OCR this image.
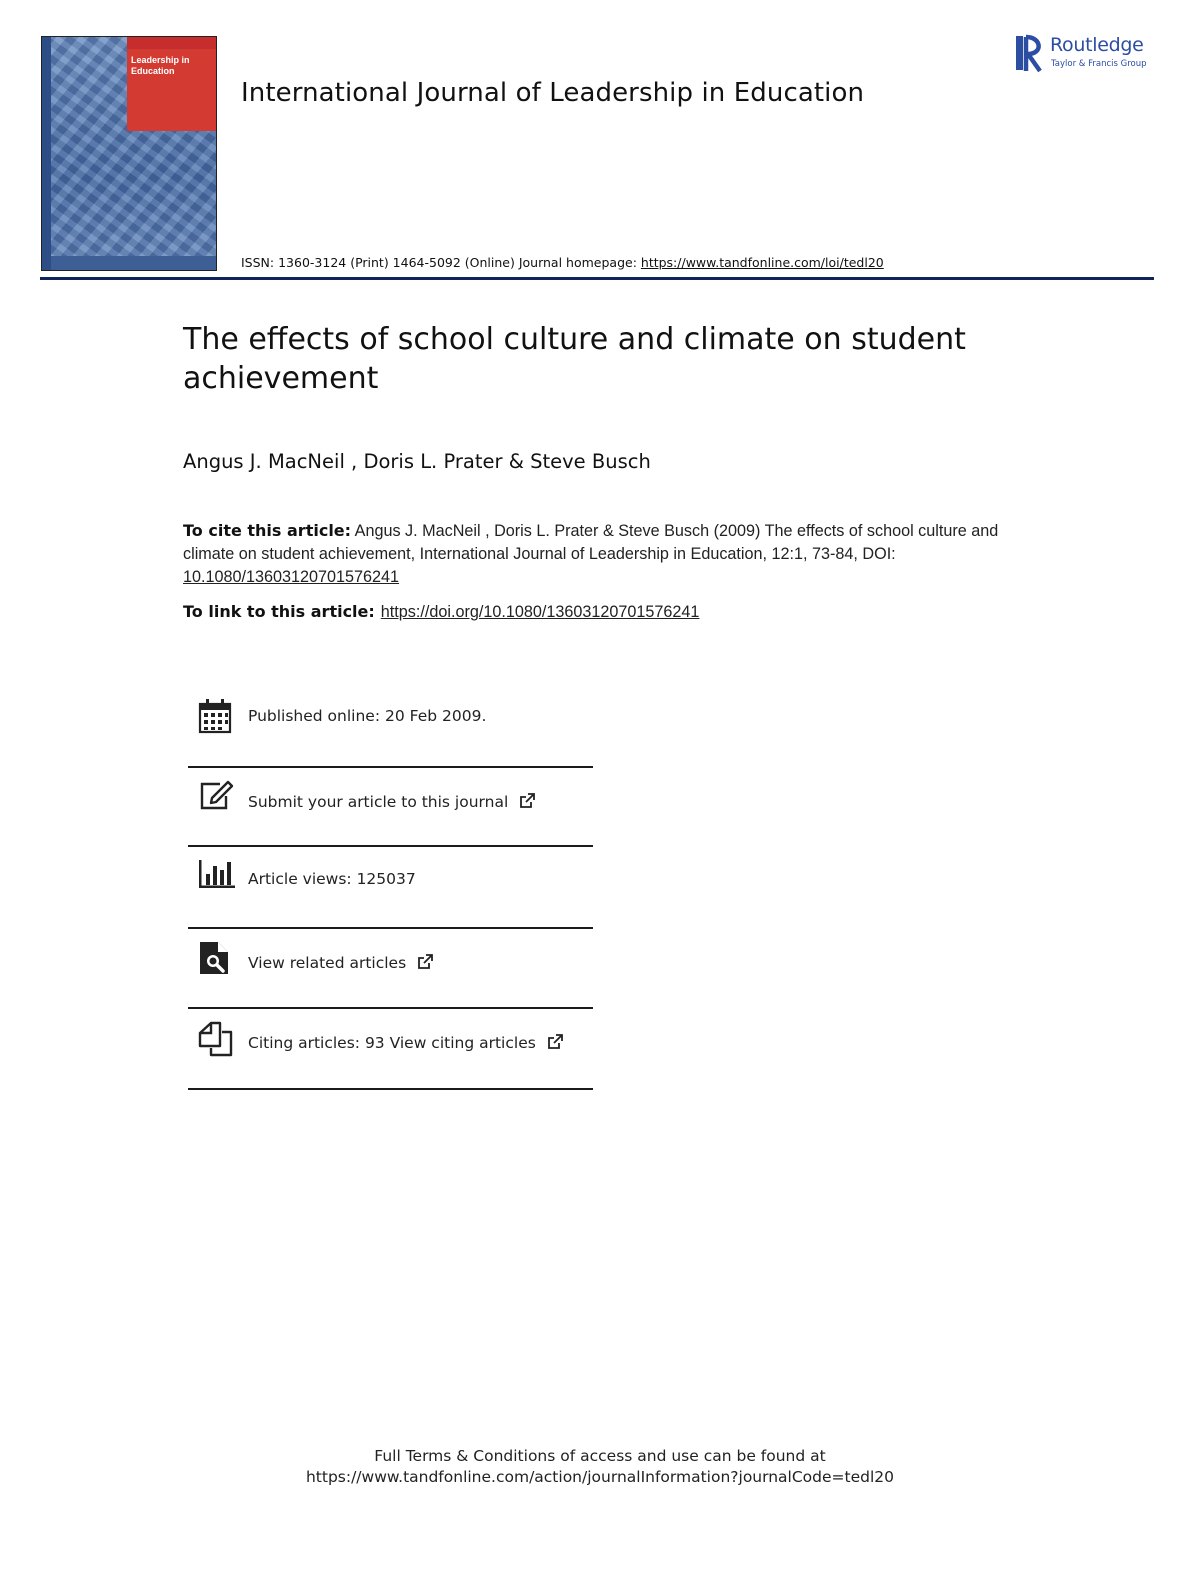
Leadership in
Education
International Journal of Leadership in Education
ISSN: 1360-3124 (Print) 1464-5092 (Online) Journal homepage: https://www.tandfonline.com/loi/tedl20
Routledge
Taylor & Francis Group
The effects of school culture and climate on student achievement
Angus J. MacNeil , Doris L. Prater & Steve Busch
To cite this article: Angus J. MacNeil , Doris L. Prater & Steve Busch (2009) The effects of school culture and climate on student achievement, International Journal of Leadership in Education, 12:1, 73-84, DOI: 10.1080/13603120701576241
To link to this article: https://doi.org/10.1080/13603120701576241
Published online: 20 Feb 2009.
Submit your article to this journal
Article views: 125037
View related articles
Citing articles: 93 View citing articles
Full Terms & Conditions of access and use can be found at
https://www.tandfonline.com/action/journalInformation?journalCode=tedl20
